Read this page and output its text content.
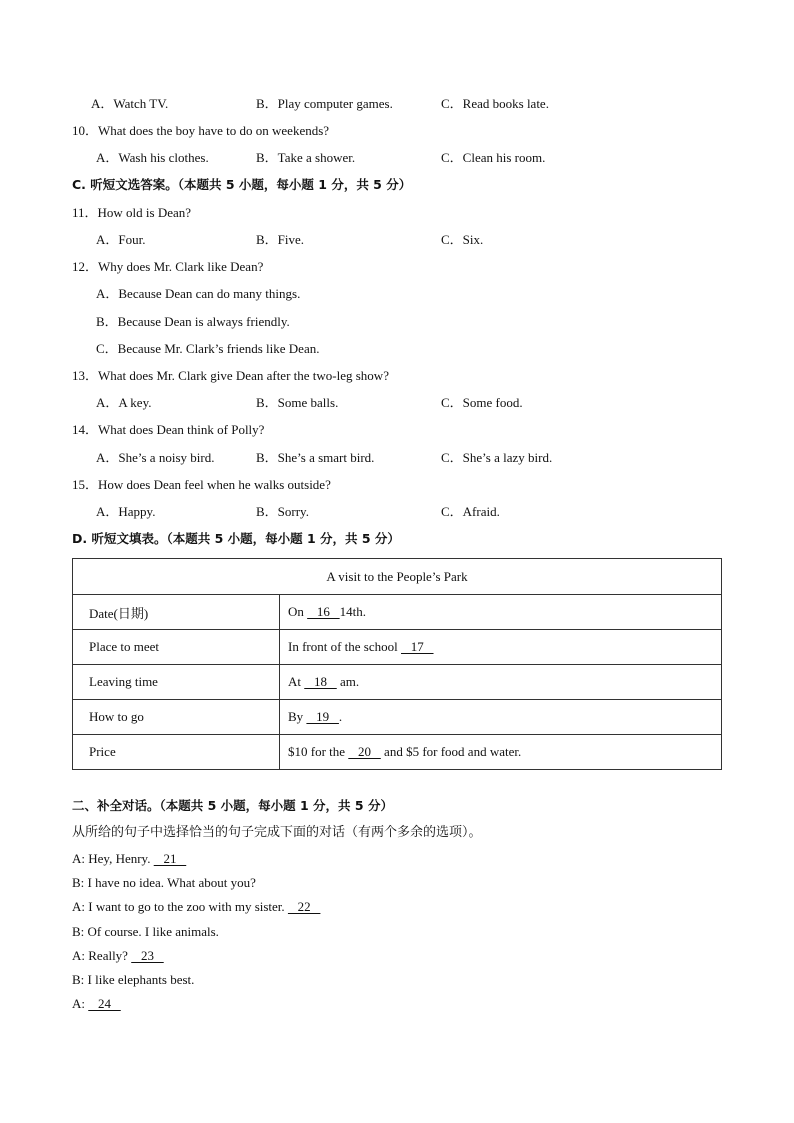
A．Watch TV.	B．Play computer games.	C．Read books late.
10．What does the boy have to do on weekends?
A．Wash his clothes.	B．Take a shower.	C．Clean his room.
C. 听短文选答案。（本题共 5 小题，每小题 1 分，共 5 分）
11．How old is Dean?
A．Four.	B．Five.	C．Six.
12．Why does Mr. Clark like Dean?
A．Because Dean can do many things.
B．Because Dean is always friendly.
C．Because Mr. Clark’s friends like Dean.
13．What does Mr. Clark give Dean after the two-leg show?
A．A key.	B．Some balls.	C．Some food.
14．What does Dean think of Polly?
A．She’s a noisy bird.	B．She’s a smart bird.	C．She’s a lazy bird.
15．How does Dean feel when he walks outside?
A．Happy.	B．Sorry.	C．Afraid.
D. 听短文填表。（本题共 5 小题，每小题 1 分，共 5 分）
A visit to the People’s Park	
Date(日期)	On    16   14th.
Place to meet	In front of the school    17
Leaving time	At    18    am.
How to go	By    19   .
Price	$10 for the    20    and $5 for food and water.
二、补全对话。（本题共 5 小题，每小题 1 分，共 5 分）
从所给的句子中选择恰当的句子完成下面的对话（有两个多余的选项）。
A: Hey, Henry.    21
B: I have no idea. What about you?
A: I want to go to the zoo with my sister.    22
B: Of course. I like animals.
A: Really?    23
B: I like elephants best.
A:    24
